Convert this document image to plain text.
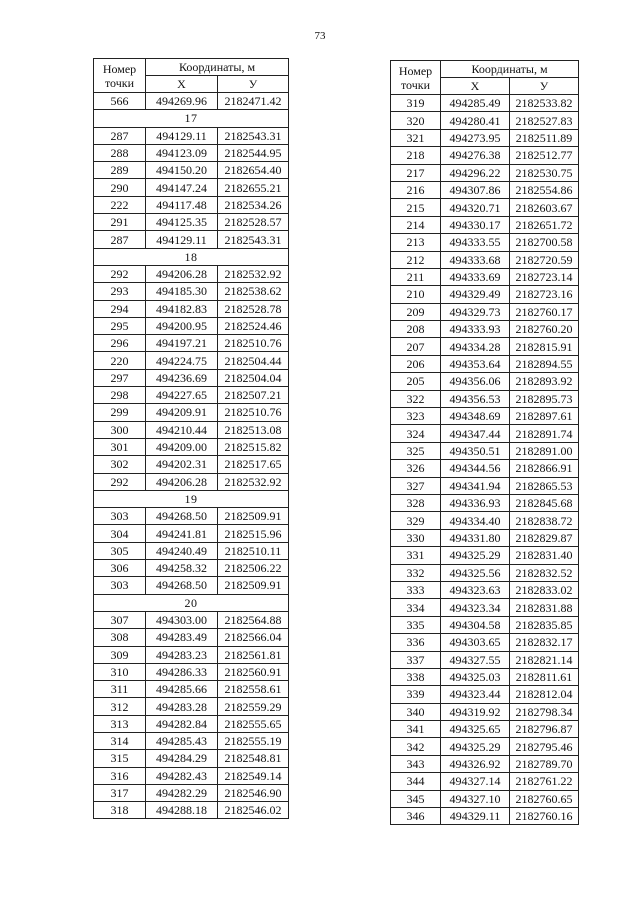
73
Номер
точки	Координаты, м	
	X	У
566	494269.96	2182471.42
17		
287	494129.11	2182543.31
288	494123.09	2182544.95
289	494150.20	2182654.40
290	494147.24	2182655.21
222	494117.48	2182534.26
291	494125.35	2182528.57
287	494129.11	2182543.31
18		
292	494206.28	2182532.92
293	494185.30	2182538.62
294	494182.83	2182528.78
295	494200.95	2182524.46
296	494197.21	2182510.76
220	494224.75	2182504.44
297	494236.69	2182504.04
298	494227.65	2182507.21
299	494209.91	2182510.76
300	494210.44	2182513.08
301	494209.00	2182515.82
302	494202.31	2182517.65
292	494206.28	2182532.92
19		
303	494268.50	2182509.91
304	494241.81	2182515.96
305	494240.49	2182510.11
306	494258.32	2182506.22
303	494268.50	2182509.91
20		
307	494303.00	2182564.88
308	494283.49	2182566.04
309	494283.23	2182561.81
310	494286.33	2182560.91
311	494285.66	2182558.61
312	494283.28	2182559.29
313	494282.84	2182555.65
314	494285.43	2182555.19
315	494284.29	2182548.81
316	494282.43	2182549.14
317	494282.29	2182546.90
318	494288.18	2182546.02
Номер
точки	Координаты, м	
	X	У
319	494285.49	2182533.82
320	494280.41	2182527.83
321	494273.95	2182511.89
218	494276.38	2182512.77
217	494296.22	2182530.75
216	494307.86	2182554.86
215	494320.71	2182603.67
214	494330.17	2182651.72
213	494333.55	2182700.58
212	494333.68	2182720.59
211	494333.69	2182723.14
210	494329.49	2182723.16
209	494329.73	2182760.17
208	494333.93	2182760.20
207	494334.28	2182815.91
206	494353.64	2182894.55
205	494356.06	2182893.92
322	494356.53	2182895.73
323	494348.69	2182897.61
324	494347.44	2182891.74
325	494350.51	2182891.00
326	494344.56	2182866.91
327	494341.94	2182865.53
328	494336.93	2182845.68
329	494334.40	2182838.72
330	494331.80	2182829.87
331	494325.29	2182831.40
332	494325.56	2182832.52
333	494323.63	2182833.02
334	494323.34	2182831.88
335	494304.58	2182835.85
336	494303.65	2182832.17
337	494327.55	2182821.14
338	494325.03	2182811.61
339	494323.44	2182812.04
340	494319.92	2182798.34
341	494325.65	2182796.87
342	494325.29	2182795.46
343	494326.92	2182789.70
344	494327.14	2182761.22
345	494327.10	2182760.65
346	494329.11	2182760.16
